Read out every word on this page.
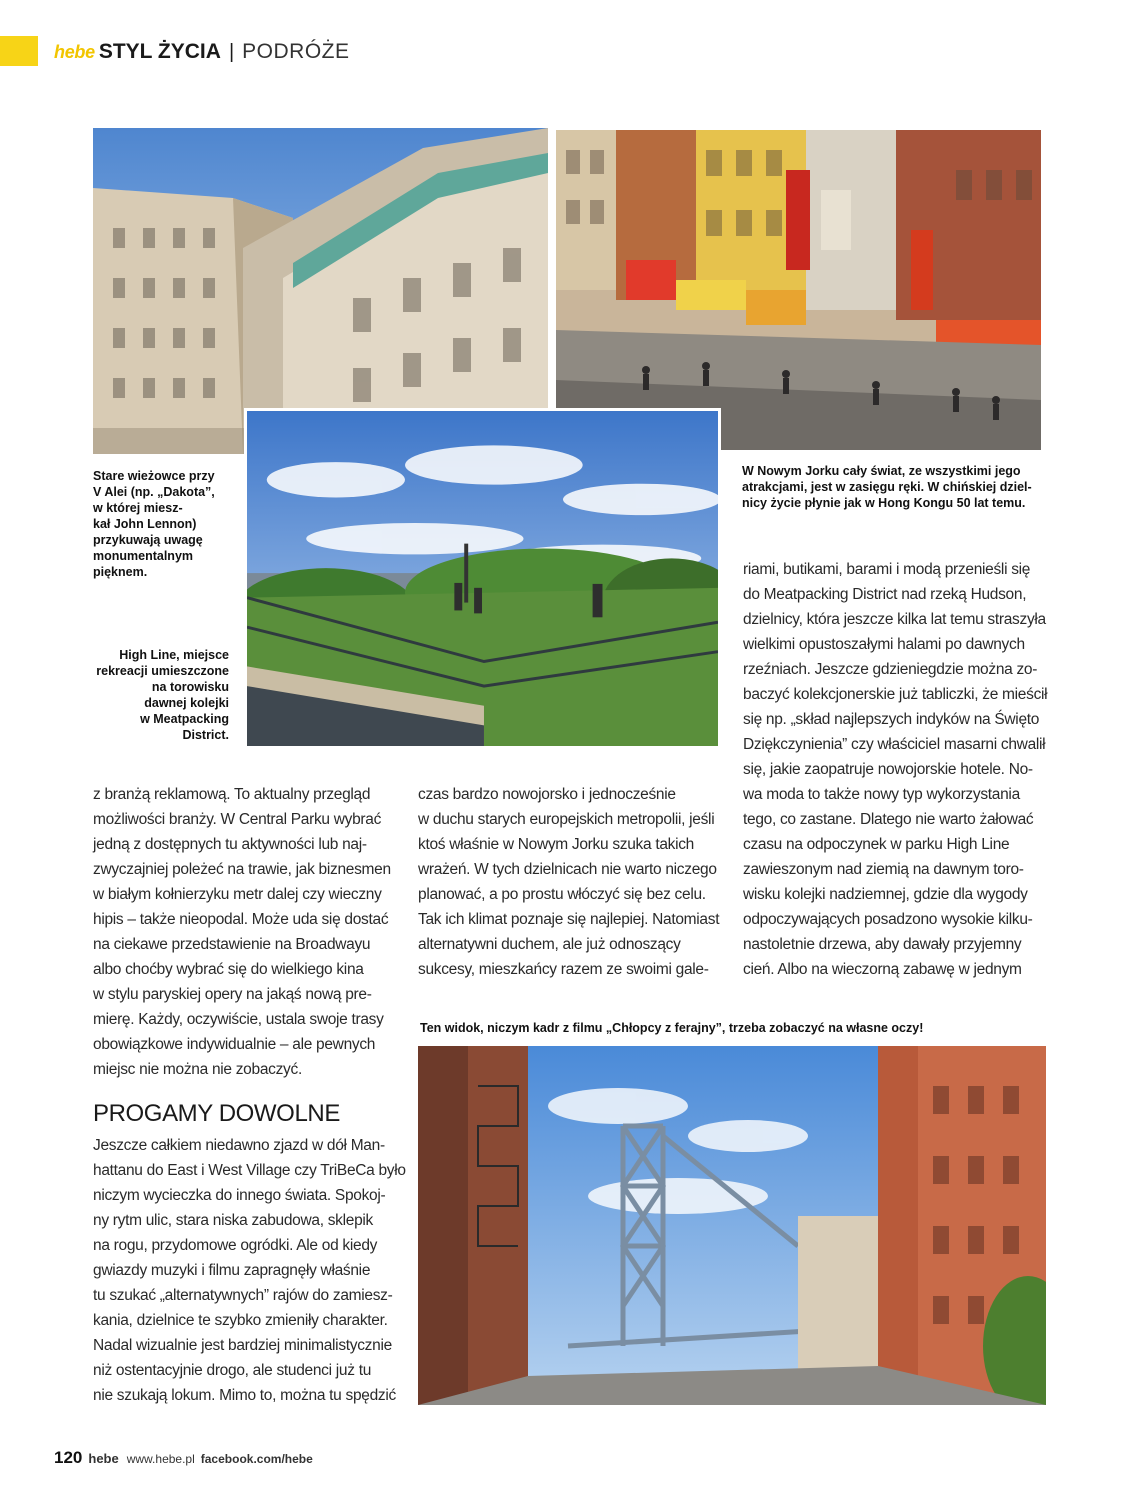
hebe STYL ŻYCIA | PODRÓŻE
Stare wieżowce przy
V Alei (np. „Dakota”,
w której miesz-
kał John Lennon)
przykuwają uwagę
monumentalnym
pięknem.
High Line, miejsce
rekreacji umieszczone
na torowisku
dawnej kolejki
w Meatpacking
District.
W Nowym Jorku cały świat, ze wszystkimi jego
atrakcjami, jest w zasięgu ręki. W chińskiej dziel-
nicy życie płynie jak w Hong Kongu 50 lat temu.

riami, butikami, barami i modą przenieśli się

do Meatpacking District nad rzeką Hudson,

dzielnicy, która jeszcze kilka lat temu straszyła

wielkimi opustoszałymi halami po dawnych

rzeźniach. Jeszcze gdzieniegdzie można zo-

baczyć kolekcjonerskie już tabliczki, że mieścił

się np. „skład najlepszych indyków na Święto

Dziękczynienia” czy właściciel masarni chwalił

się, jakie zaopatruje nowojorskie hotele. No-

wa moda to także nowy typ wykorzystania

tego, co zastane. Dlatego nie warto żałować

czasu na odpoczynek w parku High Line

zawieszonym nad ziemią na dawnym toro-

wisku kolejki nadziemnej, gdzie dla wygody

odpoczywających posadzono wysokie kilku-

nastoletnie drzewa, aby dawały przyjemny

cień. Albo na wieczorną zabawę w jednym

z branżą reklamową. To aktualny przegląd

możliwości branży. W Central Parku wybrać

jedną z dostępnych tu aktywności lub naj-

zwyczajniej poleżeć na trawie, jak biznesmen

w białym kołnierzyku metr dalej czy wieczny

hipis – także nieopodal. Może uda się dostać

na ciekawe przedstawienie na Broadwayu

albo choćby wybrać się do wielkiego kina

w stylu paryskiej opery na jakąś nową pre-

mierę. Każdy, oczywiście, ustala swoje trasy

obowiązkowe indywidualnie – ale pewnych

miejsc nie można nie zobaczyć.

PROGAMY DOWOLNE

Jeszcze całkiem niedawno zjazd w dół Man-

hattanu do East i West Village czy TriBeCa było

niczym wycieczka do innego świata. Spokoj-

ny rytm ulic, stara niska zabudowa, sklepik

na rogu, przydomowe ogródki. Ale od kiedy

gwiazdy muzyki i filmu zapragnęły właśnie

tu szukać „alternatywnych” rajów do zamiesz-

kania, dzielnice te szybko zmieniły charakter.

Nadal wizualnie jest bardziej minimalistycznie

niż ostentacyjnie drogo, ale studenci już tu

nie szukają lokum. Mimo to, można tu spędzić

czas bardzo nowojorsko i jednocześnie

w duchu starych europejskich metropolii, jeśli

ktoś właśnie w Nowym Jorku szuka takich

wrażeń. W tych dzielnicach nie warto niczego

planować, a po prostu włóczyć się bez celu.

Tak ich klimat poznaje się najlepiej. Natomiast

alternatywni duchem, ale już odnoszący

sukcesy, mieszkańcy razem ze swoimi gale-

Ten widok, niczym kadr z filmu „Chłopcy z ferajny”, trzeba zobaczyć na własne oczy!
120 hebe www.hebe.pl facebook.com/hebe
